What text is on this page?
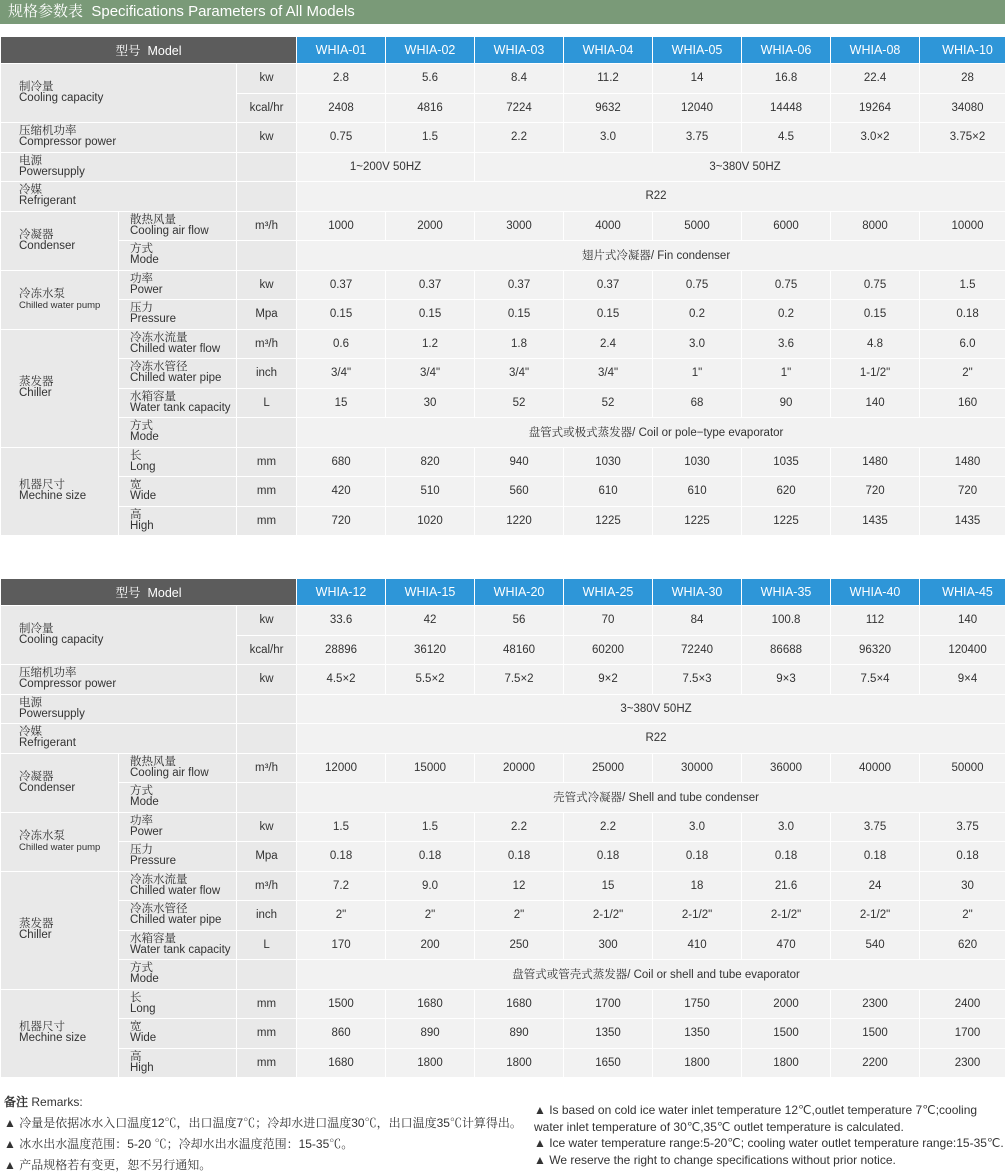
规格参数表 Specifications Parameters of All Models
型号 Model			WHIA-01	WHIA-02	WHIA-03	WHIA-04	WHIA-05	WHIA-06	WHIA-08	WHIA-10

制冷量
Cooling capacity		kw	2.8	5.6	8.4	11.2	14	16.8	22.4	28
		kcal/hr	2408	4816	7224	9632	12040	14448	19264	34080

压缩机功率
Compressor power		kw	0.75	1.5	2.2	3.0	3.75	4.5	3.0×2	3.75×2

电源
Powersupply			1~200V 50HZ		3~380V 50HZ					

冷媒
Refrigerant			R22							

冷凝器
Condenser	散热风量
Cooling air flow	m³/h	1000	2000	3000	4000	5000	6000	8000	10000

	方式
Mode		翅片式冷凝器/ Fin condenser							

冷冻水泵
Chilled water pump	功率
Power	kw	0.37	0.37	0.37	0.37	0.75	0.75	0.75	1.5

	压力
Pressure	Mpa	0.15	0.15	0.15	0.15	0.2	0.2	0.15	0.18

蒸发器
Chiller	冷冻水流量
Chilled water flow	m³/h	0.6	1.2	1.8	2.4	3.0	3.6	4.8	6.0

	冷冻水管径
Chilled water pipe	inch	3/4"	3/4"	3/4"	3/4"	1"	1"	1-1/2"	2"

	水箱容量
Water tank capacity	L	15	30	52	52	68	90	140	160

	方式
Mode		盘管式或极式蒸发器/ Coil or pole−type evaporator							

机器尺寸
Mechine size	长
Long	mm	680	820	940	1030	1030	1035	1480	1480

	宽
Wide	mm	420	510	560	610	610	620	720	720

	高
High	mm	720	1020	1220	1225	1225	1225	1435	1435
型号 Model			WHIA-12	WHIA-15	WHIA-20	WHIA-25	WHIA-30	WHIA-35	WHIA-40	WHIA-45

制冷量
Cooling capacity		kw	33.6	42	56	70	84	100.8	112	140
		kcal/hr	28896	36120	48160	60200	72240	86688	96320	120400

压缩机功率
Compressor power		kw	4.5×2	5.5×2	7.5×2	9×2	7.5×3	9×3	7.5×4	9×4

电源
Powersupply			3~380V 50HZ							

冷媒
Refrigerant			R22							

冷凝器
Condenser	散热风量
Cooling air flow	m³/h	12000	15000	20000	25000	30000	36000	40000	50000

	方式
Mode		壳管式冷凝器/ Shell and tube condenser							

冷冻水泵
Chilled water pump	功率
Power	kw	1.5	1.5	2.2	2.2	3.0	3.0	3.75	3.75

	压力
Pressure	Mpa	0.18	0.18	0.18	0.18	0.18	0.18	0.18	0.18

蒸发器
Chiller	冷冻水流量
Chilled water flow	m³/h	7.2	9.0	12	15	18	21.6	24	30

	冷冻水管径
Chilled water pipe	inch	2"	2"	2"	2-1/2"	2-1/2"	2-1/2"	2-1/2"	2"

	水箱容量
Water tank capacity	L	170	200	250	300	410	470	540	620

	方式
Mode		盘管式或管壳式蒸发器/ Coil or shell and tube evaporator							

机器尺寸
Mechine size	长
Long	mm	1500	1680	1680	1700	1750	2000	2300	2400

	宽
Wide	mm	860	890	890	1350	1350	1500	1500	1700

	高
High	mm	1680	1800	1800	1650	1800	1800	2200	2300
备注 Remarks:
▲ 冷量是依据冰水入口温度12℃，出口温度7℃；冷却水进口温度30℃，出口温度35℃计算得出。
▲ 冰水出水温度范围：5-20 ℃；冷却水出水温度范围：15-35℃。
▲ 产品规格若有变更，恕不另行通知。
▲ Is based on cold ice water inlet temperature 12℃,outlet temperature 7℃;cooling
water inlet temperature of 30℃,35℃ outlet temperature is calculated.
▲ Ice water temperature range:5-20℃; cooling water outlet temperature range:15-35℃.
▲ We reserve the right to change specifications without prior notice.
